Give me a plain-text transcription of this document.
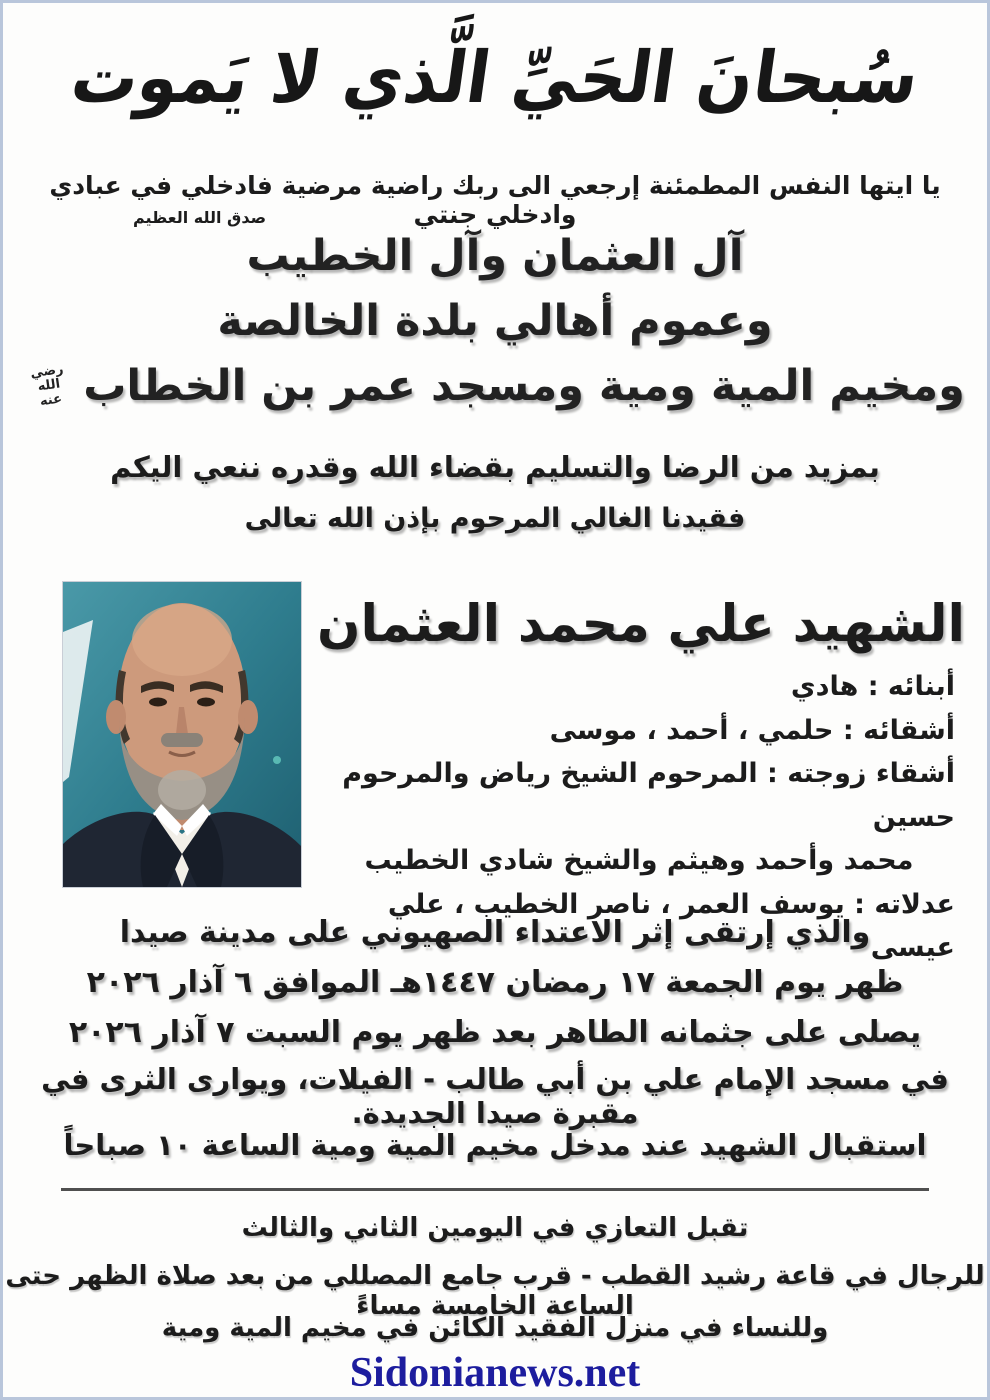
سُبحانَ الحَيِّ الَّذي لا يَموت
يا ايتها النفس المطمئنة إرجعي الى ربك راضية مرضية فادخلي في عبادي وادخلي جنتي
صدق الله العظيم
آل العثمان وآل الخطيب
وعموم أهالي بلدة الخالصة
ومخيم المية ومية ومسجد عمر بن الخطاب
رضي الله عنه
بمزيد من الرضا والتسليم بقضاء الله وقدره ننعي اليكم
فقيدنا الغالي المرحوم بإذن الله تعالى
الشهيد علي محمد العثمان
أبنائه : هادي
أشقائه : حلمي ، أحمد ، موسى
أشقاء زوجته : المرحوم الشيخ رياض والمرحوم حسين
محمد وأحمد وهيثم والشيخ شادي الخطيب
عدلاته : يوسف العمر ، ناصر الخطيب ، علي عيسى
والذي إرتقى إثر الاعتداء الصهيوني على مدينة صيدا
ظهر يوم الجمعة ١٧ رمضان ١٤٤٧هـ الموافق ٦ آذار ٢٠٢٦
يصلى على جثمانه الطاهر بعد ظهر يوم السبت ٧ آذار ٢٠٢٦
في مسجد الإمام علي بن أبي طالب - الفيلات، ويوارى الثرى في مقبرة صيدا الجديدة.
استقبال الشهيد عند مدخل مخيم المية ومية الساعة ١٠ صباحاً
تقبل التعازي في اليومين الثاني والثالث
للرجال في قاعة رشيد القطب - قرب جامع المصللي من بعد صلاة الظهر حتى الساعة الخامسة مساءً
وللنساء في منزل الفقيد الكائن في مخيم المية ومية
Sidonianews.net
